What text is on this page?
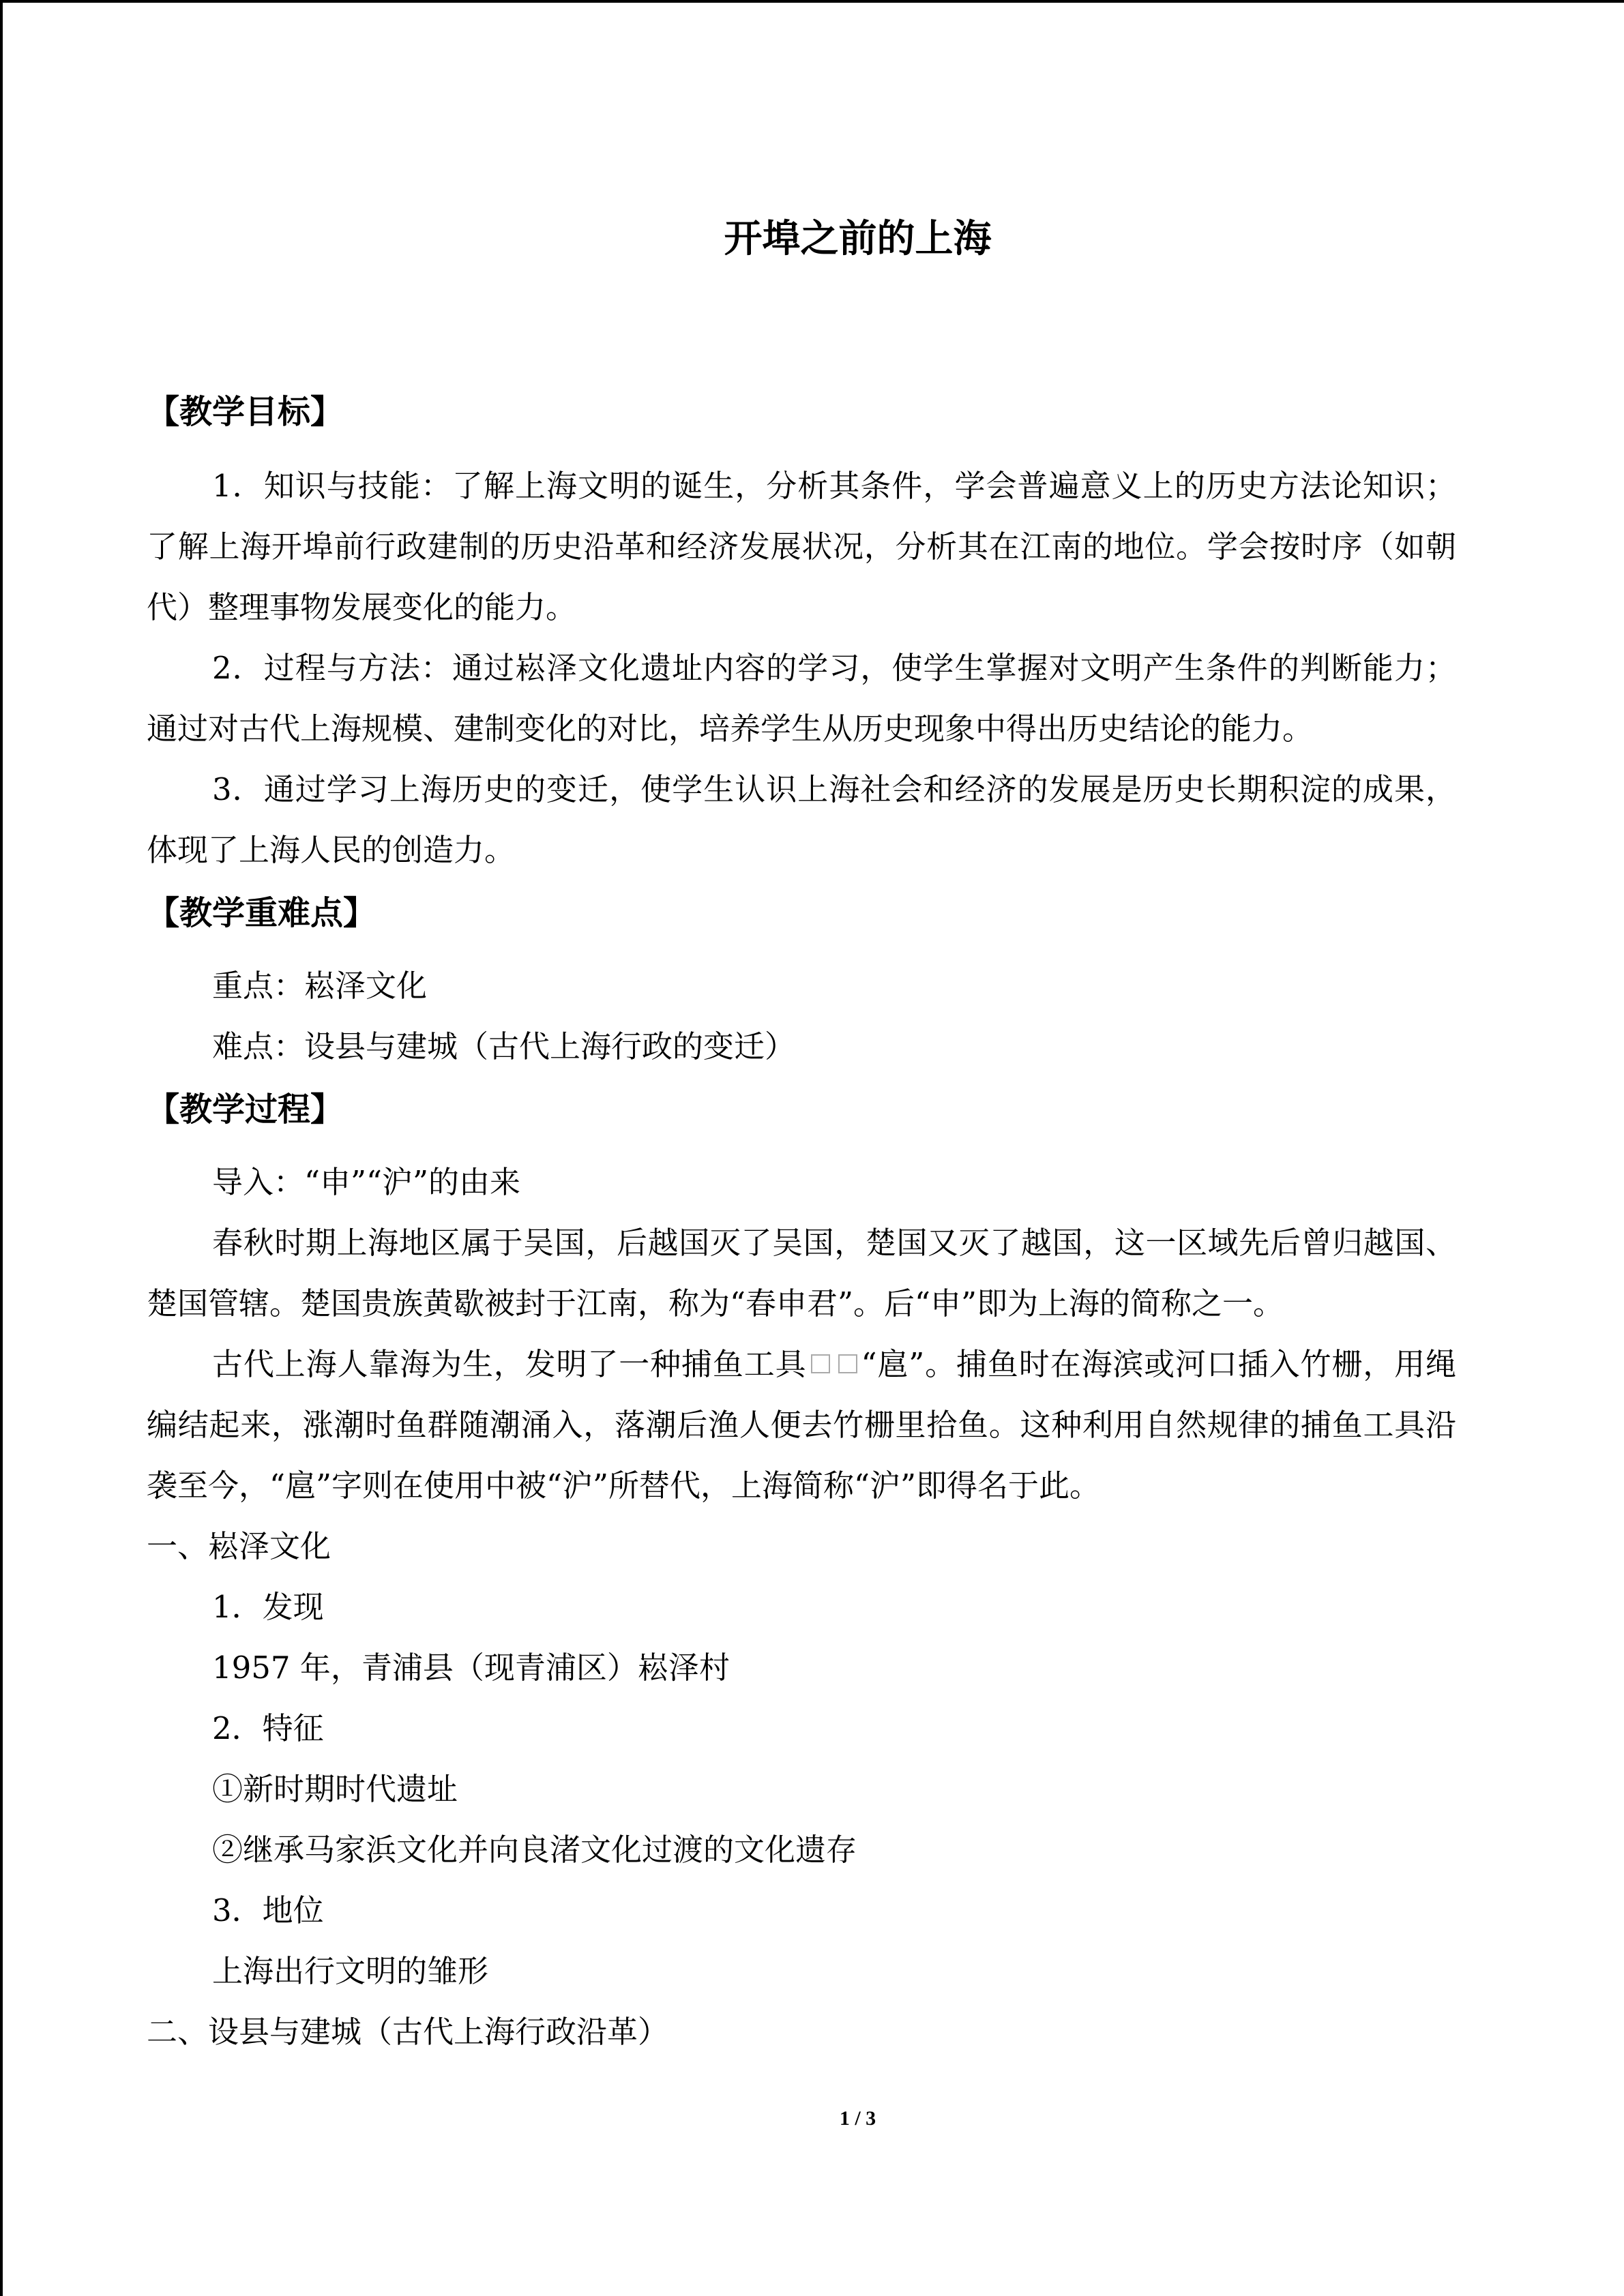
开埠之前的上海
【教学目标】

1．知识与技能：了解上海文明的诞生，分析其条件，学会普遍意义上的历史方法论知识；了解上海开埠前行政建制的历史沿革和经济发展状况，分析其在江南的地位。学会按时序（如朝代）整理事物发展变化的能力。

2．过程与方法：通过崧泽文化遗址内容的学习，使学生掌握对文明产生条件的判断能力；通过对古代上海规模、建制变化的对比，培养学生从历史现象中得出历史结论的能力。

3．通过学习上海历史的变迁，使学生认识上海社会和经济的发展是历史长期积淀的成果，体现了上海人民的创造力。

【教学重难点】
重点：崧泽文化
难点：设县与建城（古代上海行政的变迁）
【教学过程】
导入：“申”“沪”的由来

春秋时期上海地区属于吴国，后越国灭了吴国，楚国又灭了越国，这一区域先后曾归越国、楚国管辖。楚国贵族黄歇被封于江南，称为“春申君”。后“申”即为上海的简称之一。

古代上海人靠海为生，发明了一种捕鱼工具 “扈”。捕鱼时在海滨或河口插入竹栅，用绳编结起来，涨潮时鱼群随潮涌入，落潮后渔人便去竹栅里拾鱼。这种利用自然规律的捕鱼工具沿袭至今，“扈”字则在使用中被“沪”所替代，上海简称“沪”即得名于此。

一、崧泽文化
1．发现
1957 年，青浦县（现青浦区）崧泽村
2．特征
①新时期时代遗址
②继承马家浜文化并向良渚文化过渡的文化遗存
3．地位
上海出行文明的雏形
二、设县与建城（古代上海行政沿革）
1 / 3
